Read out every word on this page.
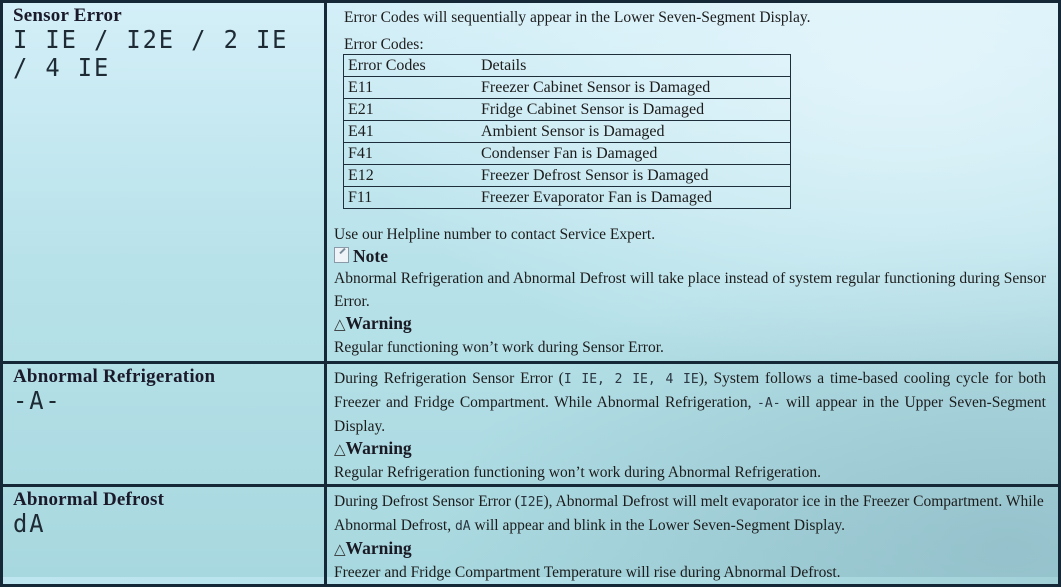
Sensor Error
I IE / I2E / 2 IE / 4 IE	
Error Codes will sequentially appear in the Lower Seven-Segment Display.
Error Codes:
Error Codes	Details
E11	Freezer Cabinet Sensor is Damaged
E21	Fridge Cabinet Sensor is Damaged
E41	Ambient Sensor is Damaged
F41	Condenser Fan is Damaged
E12	Freezer Defrost Sensor is Damaged
F11	Freezer Evaporator Fan is Damaged
Use our Helpline number to contact Service Expert.
Note
Abnormal Refrigeration and Abnormal Defrost will take place instead of system regular functioning during Sensor Error.
△Warning
Regular functioning won’t work during Sensor Error.

Abnormal Refrigeration
-A-	
During Refrigeration Sensor Error (I IE, 2 IE, 4 IE), System follows a time-based cooling cycle for both Freezer and Fridge Compartment. While Abnormal Refrigeration, -A- will appear in the Upper Seven-Segment Display.
△Warning
Regular Refrigeration functioning won’t work during Abnormal Refrigeration.

Abnormal Defrost
dA	
During Defrost Sensor Error (I2E), Abnormal Defrost will melt evaporator ice in the Freezer Compartment. While Abnormal Defrost, dA will appear and blink in the Lower Seven-Segment Display.
△Warning
Freezer and Fridge Compartment Temperature will rise during Abnormal Defrost.
